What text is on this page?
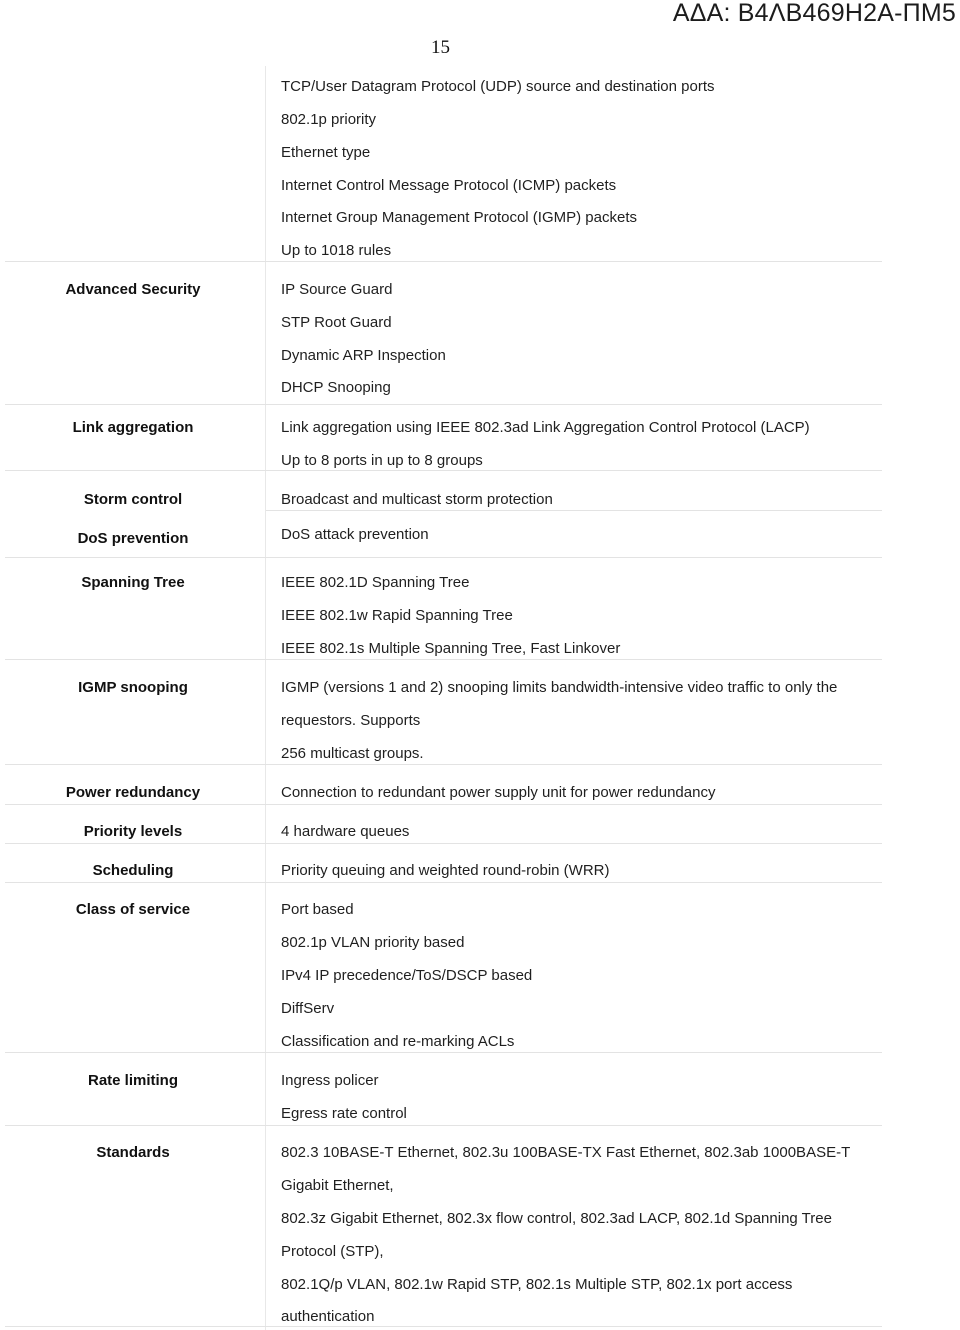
ΑΔΑ: Β4ΛΒ469Η2Α-ΠΜ5
15
TCP/User Datagram Protocol (UDP) source and destination ports
802.1p priority
Ethernet type
Internet Control Message Protocol (ICMP) packets
Internet Group Management Protocol (IGMP) packets
Up to 1018 rules
Advanced Security	IP Source Guard
STP Root Guard
Dynamic ARP Inspection
DHCP Snooping
Link aggregation	Link aggregation using IEEE 802.3ad Link Aggregation Control Protocol (LACP)
Up to 8 ports in up to 8 groups
Storm control	Broadcast and multicast storm protection
DoS prevention	DoS attack prevention
Spanning Tree	IEEE 802.1D Spanning Tree
IEEE 802.1w Rapid Spanning Tree
IEEE 802.1s Multiple Spanning Tree, Fast Linkover
IGMP snooping	IGMP (versions 1 and 2) snooping limits bandwidth-intensive video traffic to only the
requestors. Supports
256 multicast groups.
Power redundancy	Connection to redundant power supply unit for power redundancy
Priority levels	4 hardware queues
Scheduling	Priority queuing and weighted round-robin (WRR)
Class of service	Port based
802.1p VLAN priority based
IPv4 IP precedence/ToS/DSCP based
DiffServ
Classification and re-marking ACLs
Rate limiting	Ingress policer
Egress rate control
Standards	802.3 10BASE-T Ethernet, 802.3u 100BASE-TX Fast Ethernet, 802.3ab 1000BASE-T
Gigabit Ethernet,
802.3z Gigabit Ethernet, 802.3x flow control, 802.3ad LACP, 802.1d Spanning Tree
Protocol (STP),
802.1Q/p VLAN, 802.1w Rapid STP, 802.1s Multiple STP, 802.1x port access
authentication
